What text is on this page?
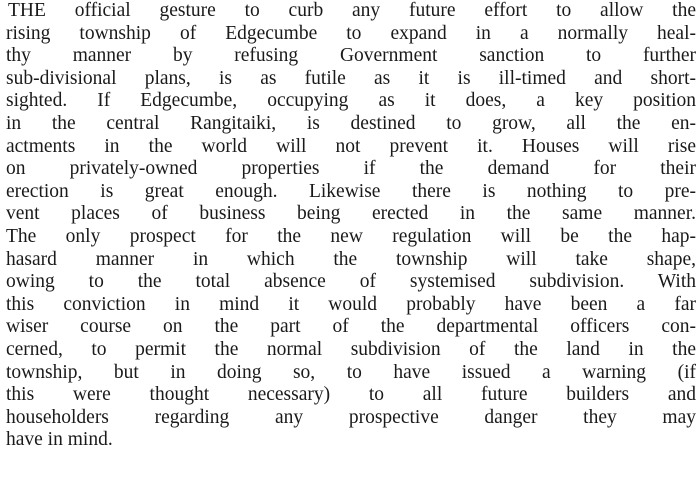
THE official gesture to curb any future effort to allow the
rising township of Edgecumbe to expand in a normally heal-
thy manner by refusing Government sanction to further
sub-divisional plans, is as futile as it is ill-timed and short-
sighted. If Edgecumbe, occupying as it does, a key position
in the central Rangitaiki, is destined to grow, all the en-
actments in the world will not prevent it. Houses will rise
on privately-owned properties if the demand for their
erection is great enough. Likewise there is nothing to pre-
vent places of business being erected in the same manner.
The only prospect for the new regulation will be the hap-
hasard manner in which the township will take shape,
owing to the total absence of systemised subdivision. With
this conviction in mind it would probably have been a far
wiser course on the part of the departmental officers con-
cerned, to permit the normal subdivision of the land in the
township, but in doing so, to have issued a warning (if
this were thought necessary) to all future builders and
householders regarding any prospective danger they may
have in mind.
